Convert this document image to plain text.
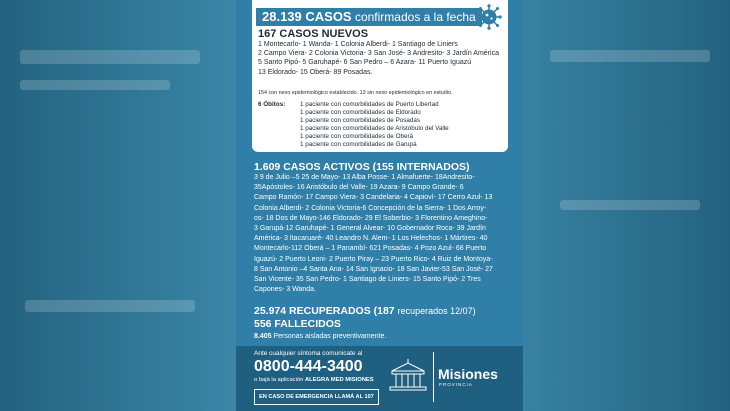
28.139 CASOS confirmados a la fecha
167 CASOS NUEVOS
1 Montecarlo- 1 Wanda- 1 Colonia Alberdi- 1 Santiago de Liniers
2 Campo Viera- 2 Colonia Victoria- 3 San José- 3 Andresito- 3 Jardín América
5 Santo Pipó- 5 Garuhapé- 6 San Pedro – 6 Azara- 11 Puerto Iguazú
13 Eldorado- 15 Oberá- 89 Posadas.
154 con nexo epidemiológico establecido. 13 sin nexo epidemiológico en estudio.
6 Óbitos: 1 paciente con comorbilidades de Puerto Libertad
1 paciente con comorbilidades de Eldorado
1 paciente con comorbilidades de Posadas
1 paciente con comorbilidades de Aristóbulo del Valle
1 paciente con comorbilidades de Oberá
1 paciente con comorbilidades de Garupá
1.609 CASOS ACTIVOS (155 INTERNADOS)
3 9 de Julio –5 25 de Mayo- 13 Alba Posse- 1 Almafuerte- 18Andresito-
35Apóstoles- 16 Aristóbulo del Valle- 19 Azara- 9 Campo Grande- 6
Campo Ramón- 17 Campo Viera- 3 Candelaria- 4 Capioví- 17 Cerro Azul- 13
Colonia Alberdi- 2 Colonia Victoria-6 Concepción de la Sierra- 1 Dos Arroy-
os- 18 Dos de Mayo-146 Eldorado- 29 El Soberbio- 3 Florentino Ameghino-
3 Garupá-12 Garuhapé- 1 General Alvear- 10 Gobernador Roca- 39 Jardín
América- 3 Itacaruaré- 40 Leandro N. Alem- 1 Los Helechos- 1 Mártires- 40
Montecarlo-112 Oberá – 1 Panambí- 621 Posadas- 4 Pozo Azul- 68 Puerto
Iguazú- 2 Puerto Leoni- 2 Puerto Piray – 23 Puerto Rico- 4 Ruiz de Montoya-
8 San Antonio –4 Santa Ana- 14 San Ignacio- 18 San Javier-53 San José- 27
San Vicente- 35 San Pedro- 1 Santiago de Liniers- 15 Santo Pipó- 2 Tres
Capones- 3 Wanda.
25.974 RECUPERADOS (187 recuperados 12/07)
556 FALLECIDOS
8.405 Personas aisladas preventivamente.
Ante cualquier síntoma comunicate al
0800-444-3400
o bajá la aplicación ALEGRA MED MISIONES
EN CASO DE EMERGENCIA LLAMÁ AL 107
Misiones
PROVINCIA
